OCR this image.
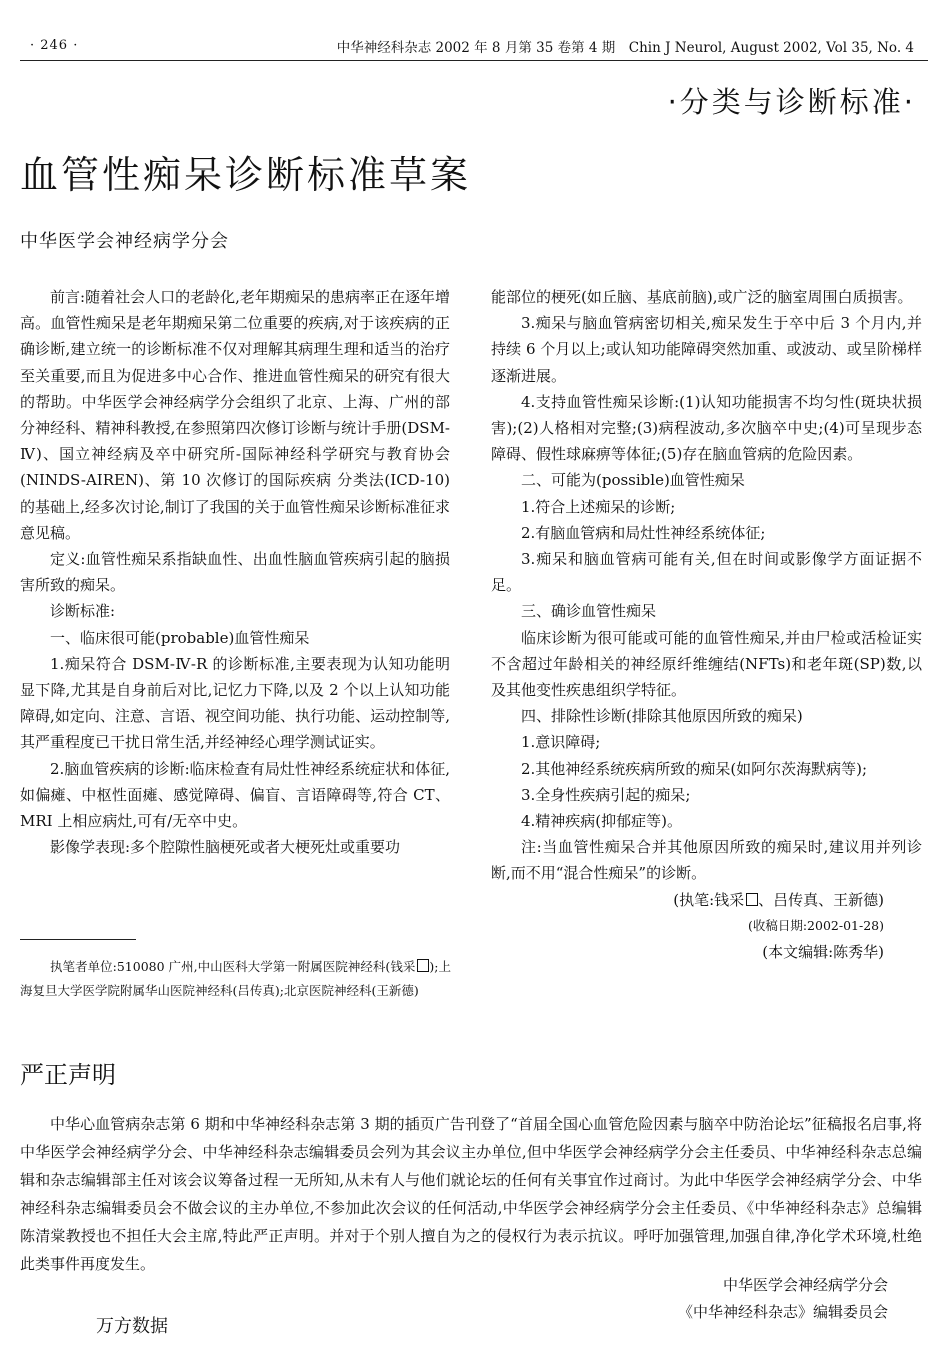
· 246 ·	中华神经科杂志 2002 年 8 月第 35 卷第 4 期　Chin J Neurol, August 2002, Vol 35, No. 4
·分类与诊断标准·
血管性痴呆诊断标准草案
中华医学会神经病学分会

前言:随着社会人口的老龄化,老年期痴呆的患病率正在逐年增高。血管性痴呆是老年期痴呆第二位重要的疾病,对于该疾病的正确诊断,建立统一的诊断标准不仅对理解其病理生理和适当的治疗至关重要,而且为促进多中心合作、推进血管性痴呆的研究有很大的帮助。中华医学会神经病学分会组织了北京、上海、广州的部分神经科、精神科教授,在参照第四次修订诊断与统计手册(DSM-Ⅳ)、国立神经病及卒中研究所-国际神经科学研究与教育协会(NINDS-AIREN)、第 10 次修订的国际疾病 分类法(ICD-10)的基础上,经多次讨论,制订了我国的关于血管性痴呆诊断标准征求意见稿。

定义:血管性痴呆系指缺血性、出血性脑血管疾病引起的脑损害所致的痴呆。

诊断标准:

一、临床很可能(probable)血管性痴呆

1.痴呆符合 DSM-Ⅳ-R 的诊断标准,主要表现为认知功能明显下降,尤其是自身前后对比,记忆力下降,以及 2 个以上认知功能障碍,如定向、注意、言语、视空间功能、执行功能、运动控制等,其严重程度已干扰日常生活,并经神经心理学测试证实。

2.脑血管疾病的诊断:临床检查有局灶性神经系统症状和体征,如偏瘫、中枢性面瘫、感觉障碍、偏盲、言语障碍等,符合 CT、MRI 上相应病灶,可有/无卒中史。

影像学表现:多个腔隙性脑梗死或者大梗死灶或重要功

能部位的梗死(如丘脑、基底前脑),或广泛的脑室周围白质损害。

3.痴呆与脑血管病密切相关,痴呆发生于卒中后 3 个月内,并持续 6 个月以上;或认知功能障碍突然加重、或波动、或呈阶梯样逐渐进展。

4.支持血管性痴呆诊断:(1)认知功能损害不均匀性(斑块状损害);(2)人格相对完整;(3)病程波动,多次脑卒中史;(4)可呈现步态障碍、假性球麻痹等体征;(5)存在脑血管病的危险因素。

二、可能为(possible)血管性痴呆

1.符合上述痴呆的诊断;

2.有脑血管病和局灶性神经系统体征;

3.痴呆和脑血管病可能有关,但在时间或影像学方面证据不足。

三、确诊血管性痴呆

临床诊断为很可能或可能的血管性痴呆,并由尸检或活检证实不含超过年龄相关的神经原纤维缠结(NFTs)和老年斑(SP)数,以及其他变性疾患组织学特征。

四、排除性诊断(排除其他原因所致的痴呆)

1.意识障碍;

2.其他神经系统疾病所致的痴呆(如阿尔茨海默病等);

3.全身性疾病引起的痴呆;

4.精神疾病(抑郁症等)。

注:当血管性痴呆合并其他原因所致的痴呆时,建议用并列诊断,而不用“混合性痴呆”的诊断。

(执笔:钱采 、吕传真、王新德)

(收稿日期:2002-01-28)

(本文编辑:陈秀华)

执笔者单位:510080 广州,中山医科大学第一附属医院神经科(钱采 );上海复旦大学医学院附属华山医院神经科(吕传真);北京医院神经科(王新德)
严正声明
中华心血管病杂志第 6 期和中华神经科杂志第 3 期的插页广告刊登了“首届全国心血管危险因素与脑卒中防治论坛”征稿报名启事,将中华医学会神经病学分会、中华神经科杂志编辑委员会列为其会议主办单位,但中华医学会神经病学分会主任委员、中华神经科杂志总编辑和杂志编辑部主任对该会议筹备过程一无所知,从未有人与他们就论坛的任何有关事宜作过商讨。为此中华医学会神经病学分会、中华神经科杂志编辑委员会不做会议的主办单位,不参加此次会议的任何活动,中华医学会神经病学分会主任委员、《中华神经科杂志》总编辑陈清棠教授也不担任大会主席,特此严正声明。并对于个别人擅自为之的侵权行为表示抗议。呼吁加强管理,加强自律,净化学术环境,杜绝此类事件再度发生。
中华医学会神经病学分会
《中华神经科杂志》编辑委员会
万方数据
